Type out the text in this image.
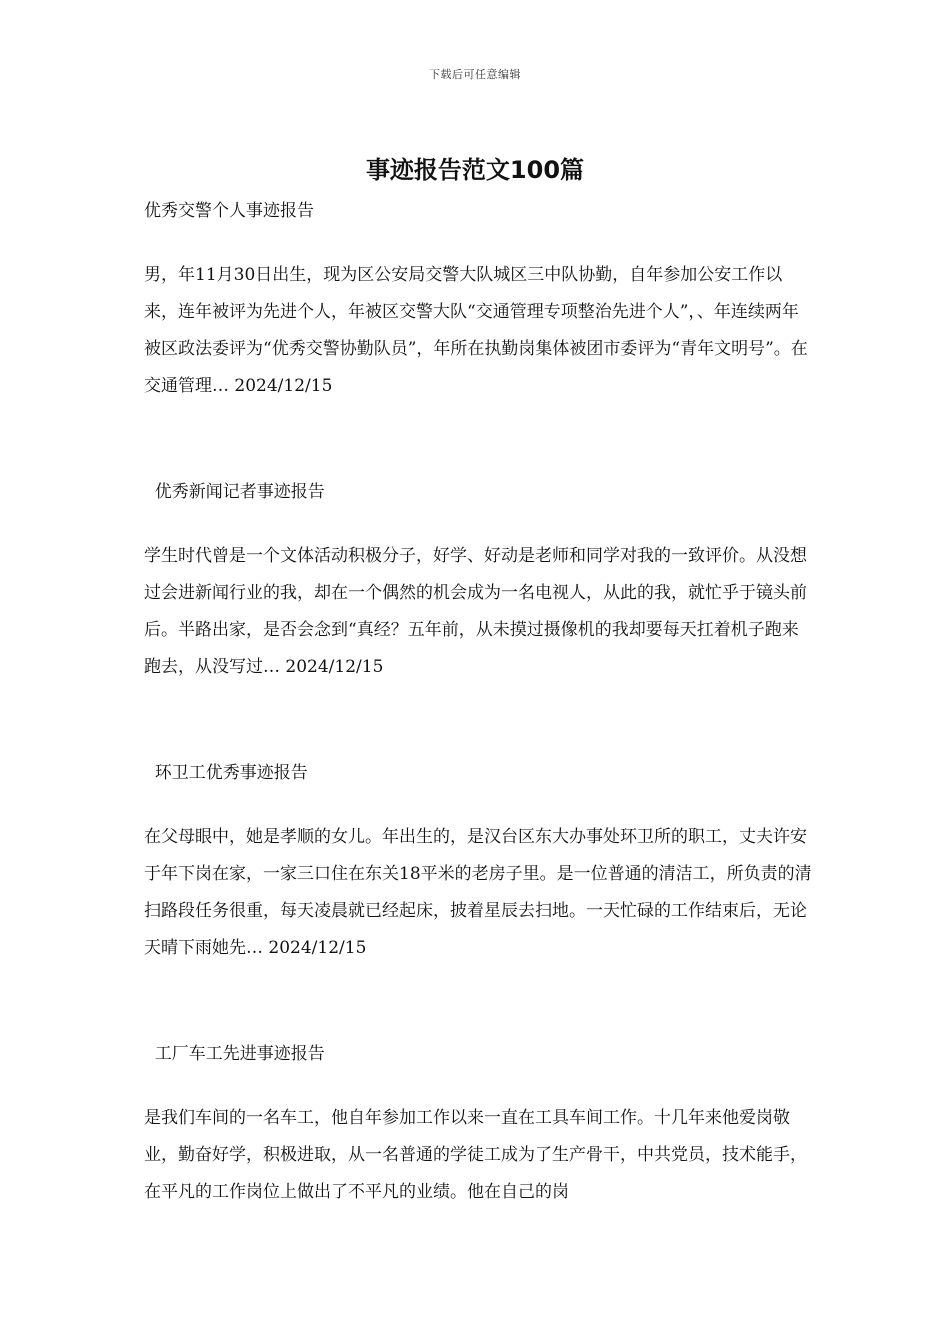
下载后可任意编辑
事迹报告范文100篇
优秀交警个人事迹报告

男，年11月30日出生，现为区公安局交警大队城区三中队协勤，自年参加公安工作以来，连年被评为先进个人，年被区交警大队“交通管理专项整治先进个人”，、年连续两年被区政法委评为“优秀交警协勤队员”，年所在执勤岗集体被团市委评为“青年文明号”。在交通管理… 2024/12/15

优秀新闻记者事迹报告

学生时代曾是一个文体活动积极分子，好学、好动是老师和同学对我的一致评价。从没想过会进新闻行业的我，却在一个偶然的机会成为一名电视人，从此的我，就忙乎于镜头前后。半路出家，是否会念到“真经？五年前，从未摸过摄像机的我却要每天扛着机子跑来跑去，从没写过… 2024/12/15

环卫工优秀事迹报告

在父母眼中，她是孝顺的女儿。年出生的，是汉台区东大办事处环卫所的职工，丈夫许安于年下岗在家，一家三口住在东关18平米的老房子里。是一位普通的清洁工，所负责的清扫路段任务很重，每天凌晨就已经起床，披着星辰去扫地。一天忙碌的工作结束后，无论天晴下雨她先… 2024/12/15

工厂车工先进事迹报告

是我们车间的一名车工，他自年参加工作以来一直在工具车间工作。十几年来他爱岗敬业，勤奋好学，积极进取，从一名普通的学徒工成为了生产骨干，中共党员，技术能手，在平凡的工作岗位上做出了不平凡的业绩。他在自己的岗
